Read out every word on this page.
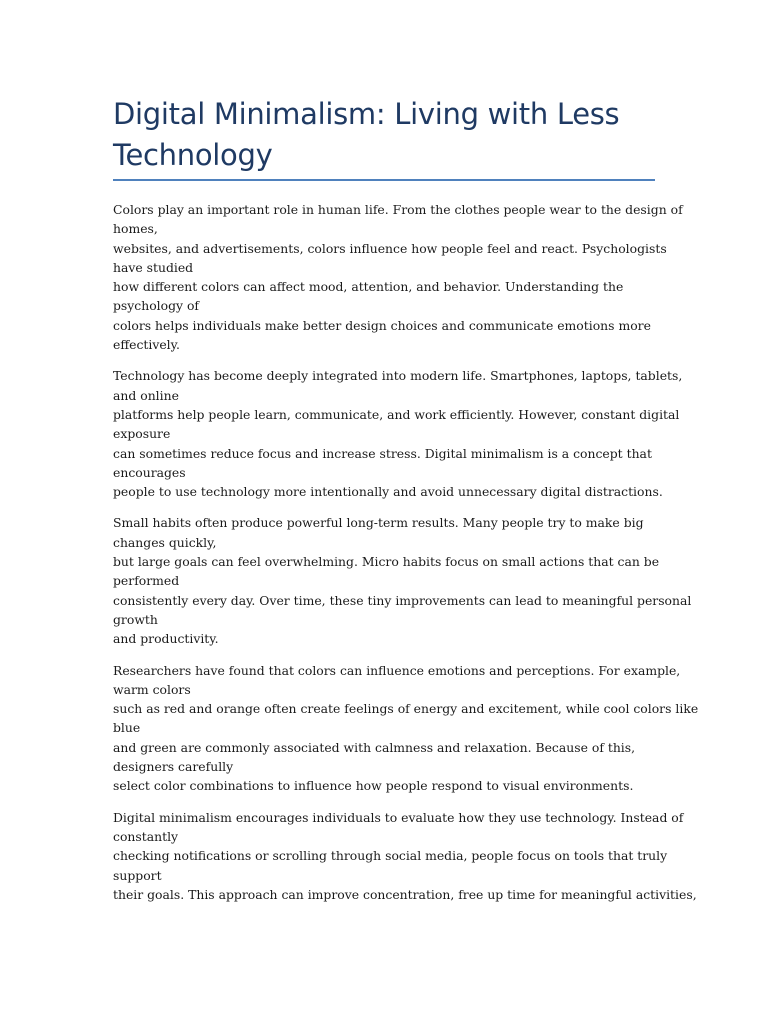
Digital Minimalism: Living with Less
Technology

Colors play an important role in human life. From the clothes people wear to the design of
homes,
websites, and advertisements, colors influence how people feel and react. Psychologists
have studied
how different colors can affect mood, attention, and behavior. Understanding the
psychology of
colors helps individuals make better design choices and communicate emotions more
effectively.

Technology has become deeply integrated into modern life. Smartphones, laptops, tablets,
and online
platforms help people learn, communicate, and work efficiently. However, constant digital
exposure
can sometimes reduce focus and increase stress. Digital minimalism is a concept that
encourages
people to use technology more intentionally and avoid unnecessary digital distractions.

Small habits often produce powerful long-term results. Many people try to make big
changes quickly,
but large goals can feel overwhelming. Micro habits focus on small actions that can be
performed
consistently every day. Over time, these tiny improvements can lead to meaningful personal
growth
and productivity.

Researchers have found that colors can influence emotions and perceptions. For example,
warm colors
such as red and orange often create feelings of energy and excitement, while cool colors like
blue
and green are commonly associated with calmness and relaxation. Because of this,
designers carefully
select color combinations to influence how people respond to visual environments.

Digital minimalism encourages individuals to evaluate how they use technology. Instead of
constantly
checking notifications or scrolling through social media, people focus on tools that truly
support
their goals. This approach can improve concentration, free up time for meaningful activities,
